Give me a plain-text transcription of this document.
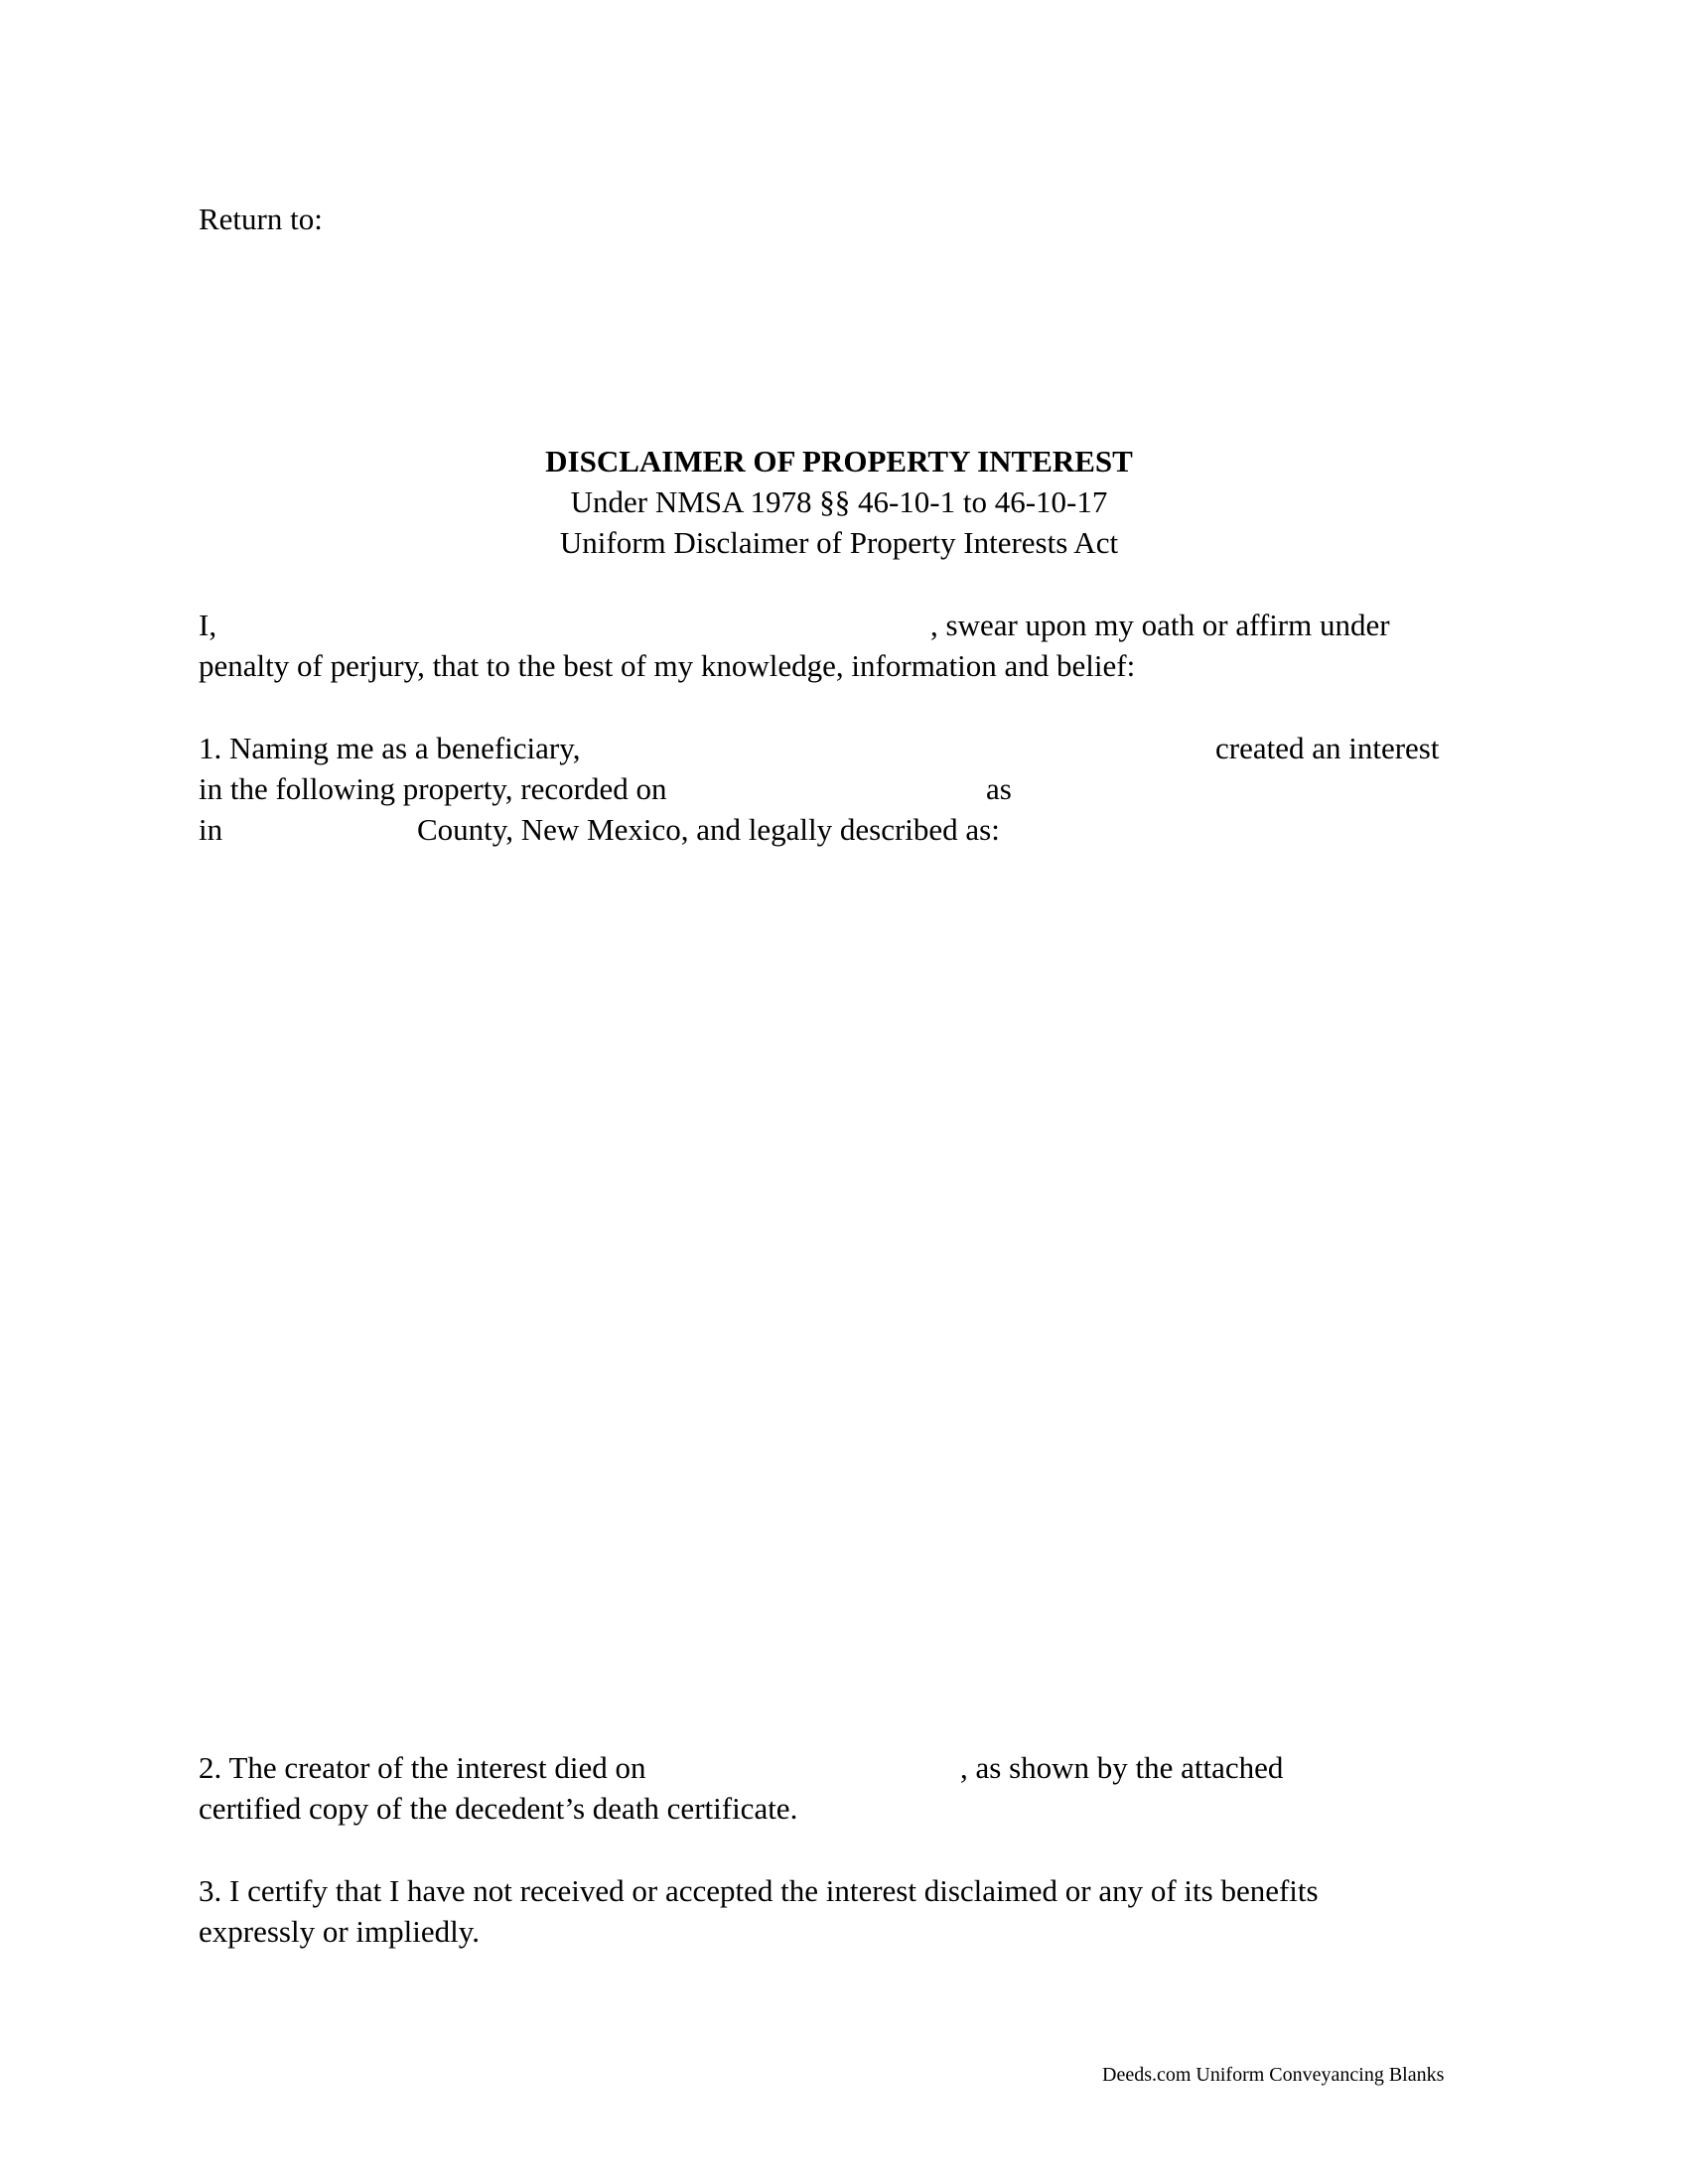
Return to:
DISCLAIMER OF PROPERTY INTEREST
Under NMSA 1978 §§ 46-10-1 to 46-10-17
Uniform Disclaimer of Property Interests Act
I,	, swear upon my oath or affirm under
penalty of perjury, that to the best of my knowledge, information and belief:
1. Naming me as a beneficiary,	created an interest
in the following property, recorded on	as
in	County, New Mexico, and legally described as:
2. The creator of the interest died on	, as shown by the attached
certified copy of the decedent’s death certificate.
3. I certify that I have not received or accepted the interest disclaimed or any of its benefits
expressly or impliedly.
Deeds.com Uniform Conveyancing Blanks
